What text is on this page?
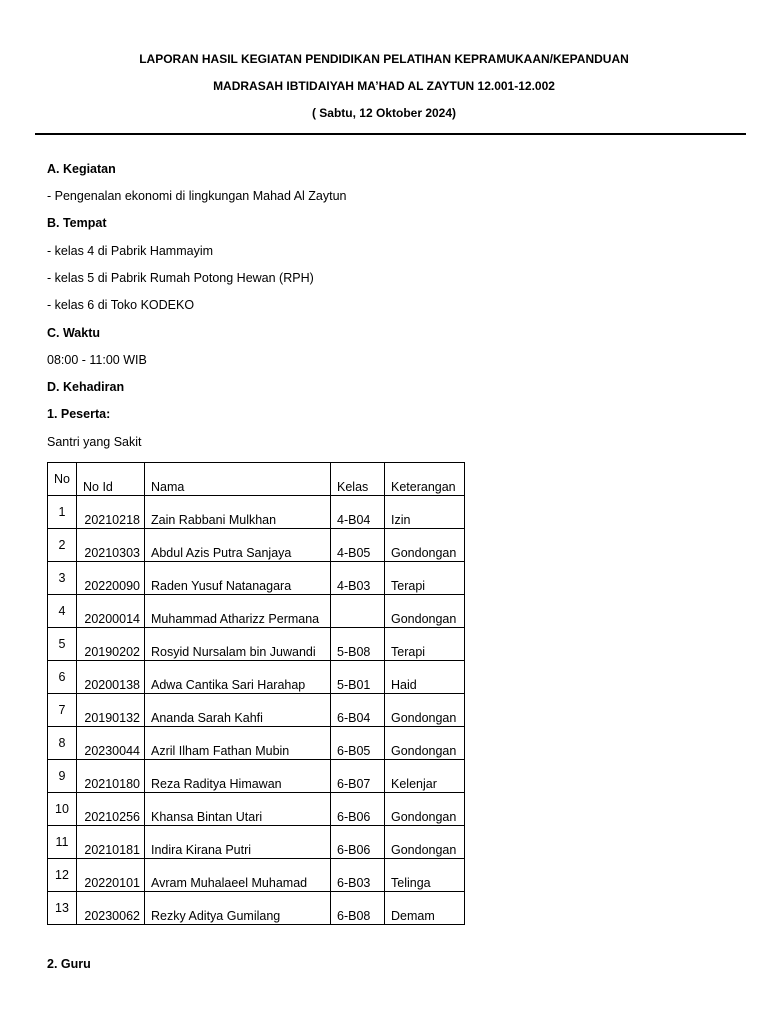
LAPORAN HASIL KEGIATAN PENDIDIKAN PELATIHAN KEPRAMUKAAN/KEPANDUAN
MADRASAH IBTIDAIYAH MA’HAD AL ZAYTUN 12.001-12.002
( Sabtu, 12 Oktober 2024)
A. Kegiatan
- Pengenalan ekonomi di lingkungan Mahad Al Zaytun
B. Tempat
- kelas 4 di Pabrik Hammayim
- kelas 5 di Pabrik Rumah Potong Hewan (RPH)
- kelas 6 di Toko KODEKO
C. Waktu
08:00 - 11:00 WIB
D. Kehadiran
1. Peserta:
Santri yang Sakit
No	No Id	Nama	Kelas	Keterangan
1	20210218	Zain Rabbani Mulkhan	4-B04	Izin
2	20210303	Abdul Azis Putra Sanjaya	4-B05	Gondongan
3	20220090	Raden Yusuf Natanagara	4-B03	Terapi
4	20200014	Muhammad Atharizz Permana		Gondongan
5	20190202	Rosyid Nursalam bin Juwandi	5-B08	Terapi
6	20200138	Adwa Cantika Sari Harahap	5-B01	Haid
7	20190132	Ananda Sarah Kahfi	6-B04	Gondongan
8	20230044	Azril Ilham Fathan Mubin	6-B05	Gondongan
9	20210180	Reza Raditya Himawan	6-B07	Kelenjar
10	20210256	Khansa Bintan Utari	6-B06	Gondongan
11	20210181	Indira Kirana Putri	6-B06	Gondongan
12	20220101	Avram Muhalaeel Muhamad	6-B03	Telinga
13	20230062	Rezky Aditya Gumilang	6-B08	Demam
2. Guru
